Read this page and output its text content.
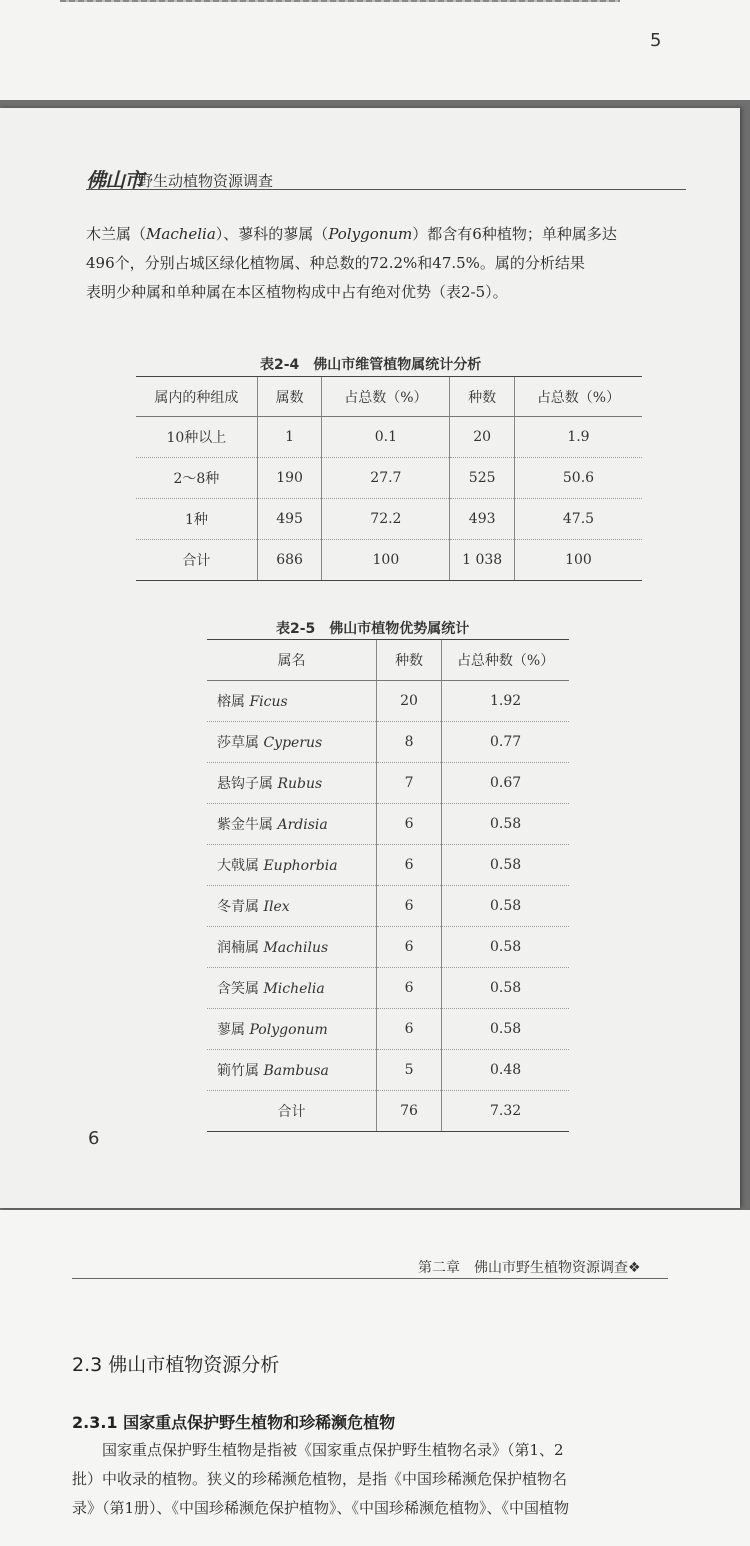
5
佛山市
野生动植物资源调查
木兰属（Machelia）、蓼科的蓼属（Polygonum）都含有6种植物；单种属多达
496个，分别占城区绿化植物属、种总数的72.2%和47.5%。属的分析结果
表明少种属和单种属在本区植物构成中占有绝对优势（表2-5）。
表2-4　佛山市维管植物属统计分析
属内的种组成	属数	占总数（%）	种数	占总数（%）
10种以上	1	0.1	20	1.9
2～8种	190	27.7	525	50.6
1种	495	72.2	493	47.5
合计	686	100	1 038	100
表2-5　佛山市植物优势属统计
属名	种数	占总种数（%）
榕属 Ficus	20	1.92
莎草属 Cyperus	8	0.77
悬钩子属 Rubus	7	0.67
紫金牛属 Ardisia	6	0.58
大戟属 Euphorbia	6	0.58
冬青属 Ilex	6	0.58
润楠属 Machilus	6	0.58
含笑属 Michelia	6	0.58
蓼属 Polygonum	6	0.58
箣竹属 Bambusa	5	0.48
合计	76	7.32
6
第二章　佛山市野生植物资源调查❖
2.3 佛山市植物资源分析
2.3.1 国家重点保护野生植物和珍稀濒危植物
　　国家重点保护野生植物是指被《国家重点保护野生植物名录》（第1、2
批）中收录的植物。狭义的珍稀濒危植物，是指《中国珍稀濒危保护植物名
录》（第1册）、《中国珍稀濒危保护植物》、《中国珍稀濒危植物》、《中国植物
